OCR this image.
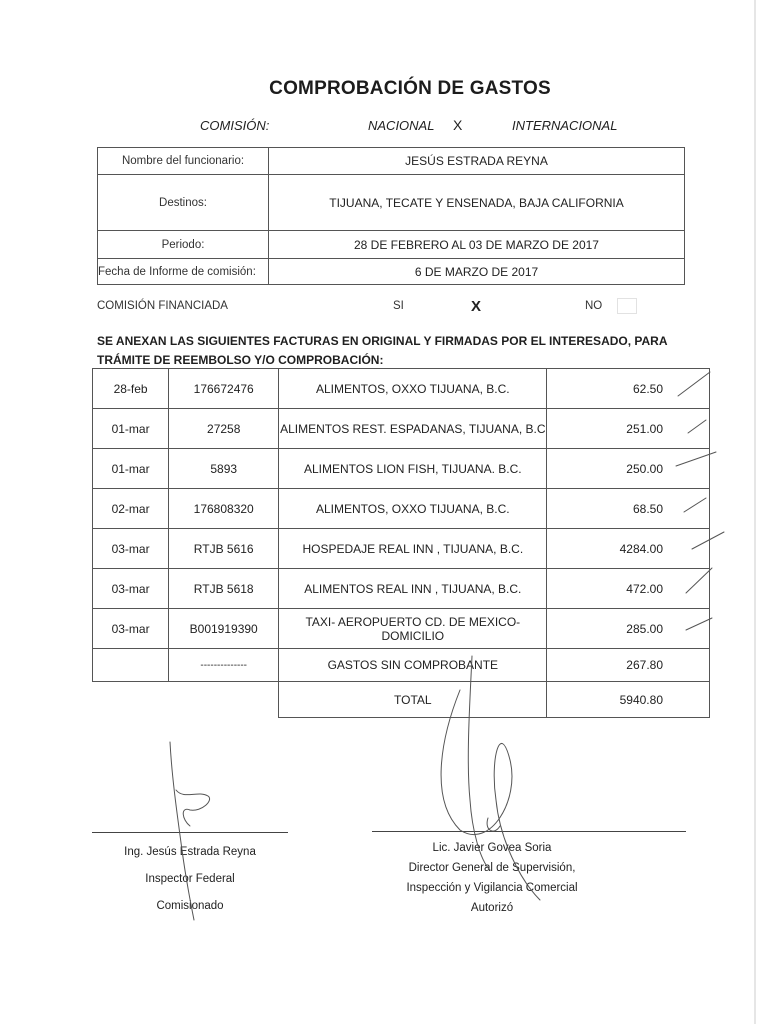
COMPROBACIÓN DE GASTOS
COMISIÓN:	NACIONAL X	INTERNACIONAL
Nombre del funcionario:	JESÚS ESTRADA REYNA
Destinos:	TIJUANA, TECATE Y ENSENADA, BAJA CALIFORNIA
Periodo:	28 DE FEBRERO AL 03 DE MARZO DE 2017
Fecha de Informe de comisión:	6 DE MARZO DE 2017
COMISIÓN FINANCIADA	SI	X	NO
SE ANEXAN LAS SIGUIENTES FACTURAS EN ORIGINAL Y FIRMADAS POR EL INTERESADO, PARA TRÁMITE DE REEMBOLSO Y/O COMPROBACIÓN:
28-feb	176672476	ALIMENTOS, OXXO TIJUANA, B.C.	62.50
01-mar	27258	ALIMENTOS REST. ESPADANAS, TIJUANA, B.C	251.00
01-mar	5893	ALIMENTOS LION FISH, TIJUANA. B.C.	250.00
02-mar	176808320	ALIMENTOS, OXXO TIJUANA, B.C.	68.50
03-mar	RTJB 5616	HOSPEDAJE REAL INN , TIJUANA, B.C.	4284.00
03-mar	RTJB 5618	ALIMENTOS REAL INN , TIJUANA, B.C.	472.00
03-mar	B001919390	TAXI- AEROPUERTO CD. DE MEXICO- DOMICILIO	285.00
	--------------	GASTOS SIN COMPROBANTE	267.80
		TOTAL	5940.80
Ing. Jesús Estrada Reyna
Inspector Federal
Comisionado
Lic. Javier Govea Soria
Director General de Supervisión,
Inspección y Vigilancia Comercial
Autorizó
